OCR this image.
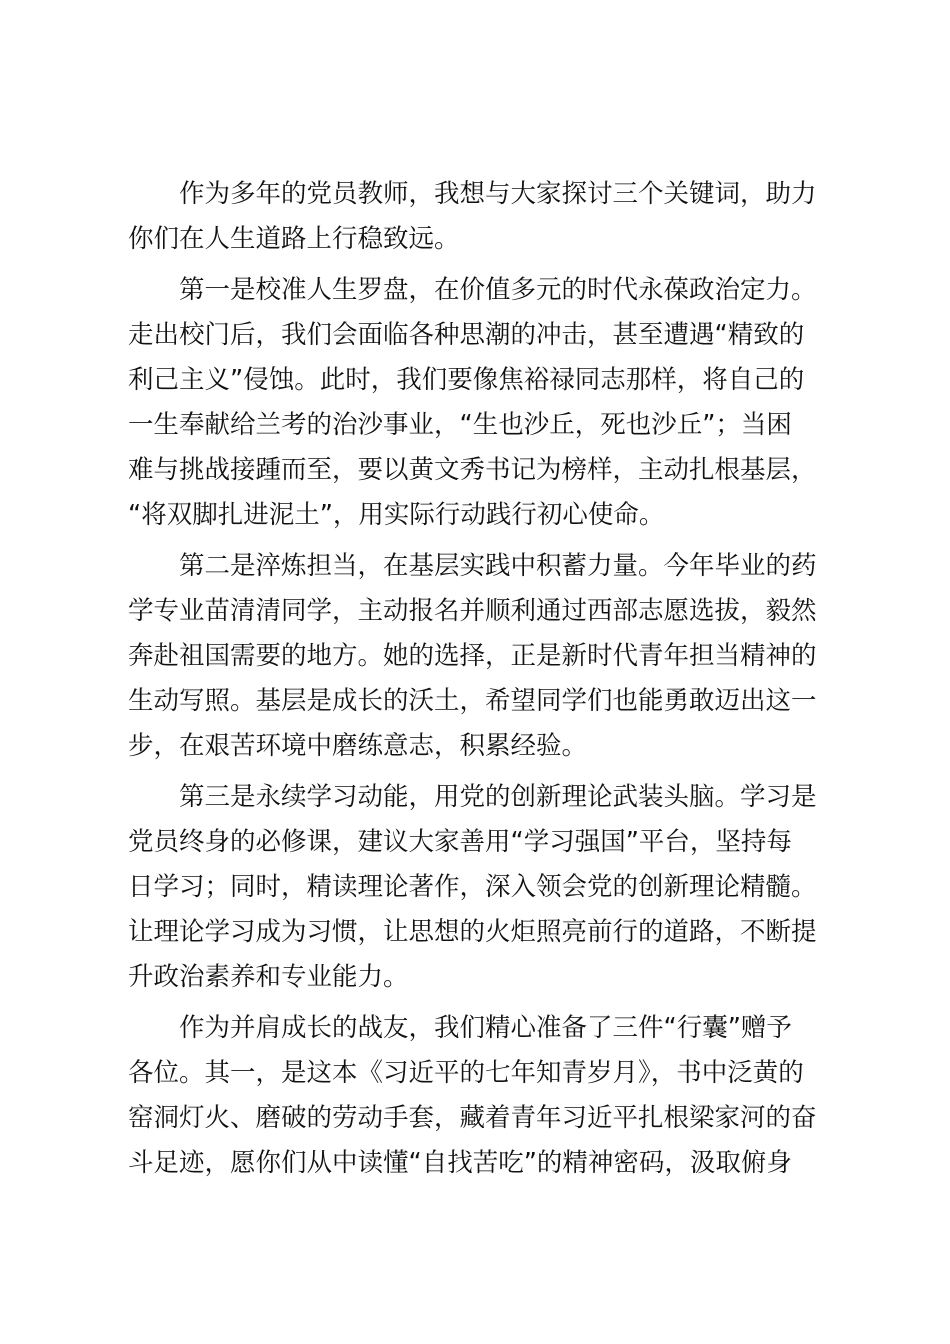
　　作为多年的党员教师，我想与大家探讨三个关键词，助力
你们在人生道路上行稳致远。
　　第一是校准人生罗盘，在价值多元的时代永葆政治定力。
走出校门后，我们会面临各种思潮的冲击，甚至遭遇“精致的
利己主义”侵蚀。此时，我们要像焦裕禄同志那样，将自己的
一生奉献给兰考的治沙事业，“生也沙丘，死也沙丘”；当困
难与挑战接踵而至，要以黄文秀书记为榜样，主动扎根基层，
“将双脚扎进泥土”，用实际行动践行初心使命。
　　第二是淬炼担当，在基层实践中积蓄力量。今年毕业的药
学专业苗清清同学，主动报名并顺利通过西部志愿选拔，毅然
奔赴祖国需要的地方。她的选择，正是新时代青年担当精神的
生动写照。基层是成长的沃土，希望同学们也能勇敢迈出这一
步，在艰苦环境中磨练意志，积累经验。
　　第三是永续学习动能，用党的创新理论武装头脑。学习是
党员终身的必修课，建议大家善用“学习强国”平台，坚持每
日学习；同时，精读理论著作，深入领会党的创新理论精髓。
让理论学习成为习惯，让思想的火炬照亮前行的道路，不断提
升政治素养和专业能力。
　　作为并肩成长的战友，我们精心准备了三件“行囊”赠予
各位。其一，是这本《习近平的七年知青岁月》，书中泛黄的
窑洞灯火、磨破的劳动手套，藏着青年习近平扎根梁家河的奋
斗足迹，愿你们从中读懂“自找苦吃”的精神密码，汲取俯身
